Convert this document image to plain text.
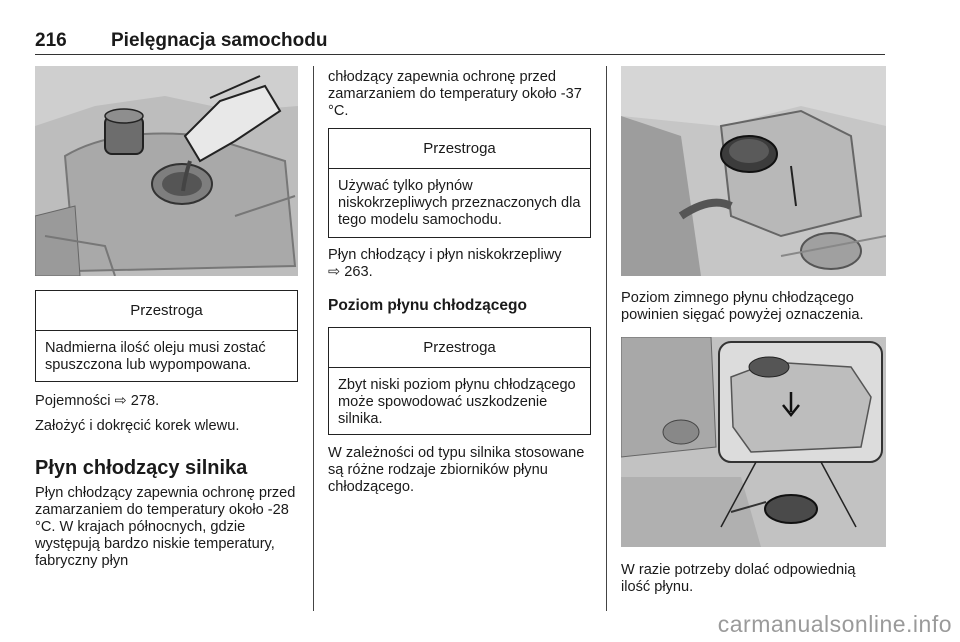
216 Pielęgnacja samochodu
Przestroga
Nadmierna ilość oleju musi zostać spuszczona lub wypompowana.

Pojemności ⇨ 278.

Założyć i dokręcić korek wlewu.

Płyn chłodzący silnika

Płyn chłodzący zapewnia ochronę przed zamarzaniem do temperatury około -28 °C. W krajach północnych, gdzie występują bardzo niskie temperatury, fabryczny płyn

chłodzący zapewnia ochronę przed zamarzaniem do temperatury około -37 °C.

Przestroga
Używać tylko płynów niskokrzepliwych przeznaczonych dla tego modelu samochodu.

Płyn chłodzący i płyn niskokrzepliwy
⇨ 263.

Poziom płynu chłodzącego
Przestroga
Zbyt niski poziom płynu chłodzącego może spowodować uszkodzenie silnika.

W zależności od typu silnika stosowane są różne rodzaje zbiorników płynu chłodzącego.

Poziom zimnego płynu chłodzącego powinien sięgać powyżej oznaczenia.

W razie potrzeby dolać odpowiednią ilość płynu.

carmanualsonline.info
